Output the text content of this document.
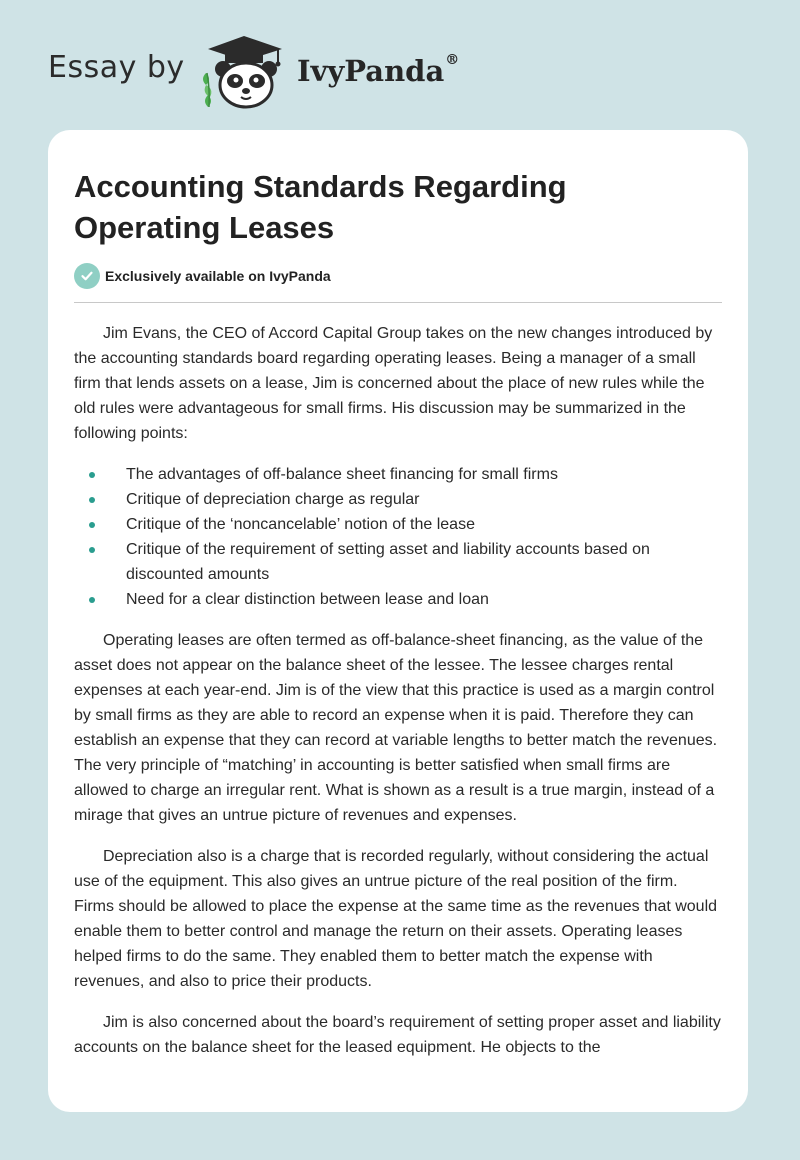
Essay by	IvyPanda®
Accounting Standards Regarding Operating Leases
Exclusively available on IvyPanda

Jim Evans, the CEO of Accord Capital Group takes on the new changes introduced by the accounting standards board regarding operating leases. Being a manager of a small firm that lends assets on a lease, Jim is concerned about the place of new rules while the old rules were advantageous for small firms. His discussion may be summarized in the following points:

The advantages of off-balance sheet financing for small firms
Critique of depreciation charge as regular
Critique of the ‘noncancelable’ notion of the lease
Critique of the requirement of setting asset and liability accounts based on discounted amounts
Need for a clear distinction between lease and loan

Operating leases are often termed as off-balance-sheet financing, as the value of the asset does not appear on the balance sheet of the lessee. The lessee charges rental expenses at each year-end. Jim is of the view that this practice is used as a margin control by small firms as they are able to record an expense when it is paid. Therefore they can establish an expense that they can record at variable lengths to better match the revenues. The very principle of “matching’ in accounting is better satisfied when small firms are allowed to charge an irregular rent. What is shown as a result is a true margin, instead of a mirage that gives an untrue picture of revenues and expenses.

Depreciation also is a charge that is recorded regularly, without considering the actual use of the equipment. This also gives an untrue picture of the real position of the firm. Firms should be allowed to place the expense at the same time as the revenues that would enable them to better control and manage the return on their assets. Operating leases helped firms to do the same. They enabled them to better match the expense with revenues, and also to price their products.

Jim is also concerned about the board’s requirement of setting proper asset and liability accounts on the balance sheet for the leased equipment. He objects to the
